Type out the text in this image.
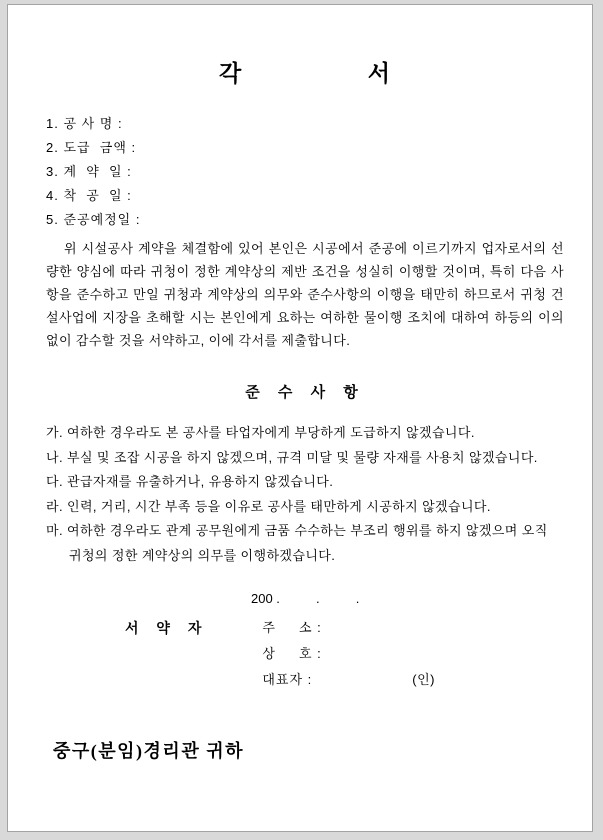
각                 서
1. 공 사 명 :
2. 도급  금액 :
3. 계  약  일 :
4. 착  공  일 :
5. 준공예정일 :
위 시설공사 계약을 체결함에 있어 본인은 시공에서 준공에 이르기까지 업자로서의 선량한 양심에 따라 귀청이 정한 계약상의 제반 조건을 성실히 이행할 것이며, 특히 다음 사항을 준수하고 만일 귀청과 계약상의 의무와 준수사항의 이행을 태만히 하므로서 귀청 건설사업에 지장을 초해할 시는 본인에게 요하는 여하한 물이행 조치에 대하여 하등의 이의없이 감수할 것을 서약하고, 이에 각서를 제출합니다.
준 수 사 항
가. 여하한 경우라도 본 공사를 타업자에게 부당하게 도급하지 않겠습니다.
나. 부실 및 조잡 시공을 하지 않겠으며, 규격 미달 및 물량 자재를 사용치 않겠습니다.
다. 관급자재를 유출하거나, 유용하지 않겠습니다.
라. 인력, 거리, 시간 부족 등을 이유로 공사를 태만하게 시공하지 않겠습니다.
마. 여하한 경우라도 관계 공무원에게 금품 수수하는 부조리 행위를 하지 않겠으며 오직 귀청의 정한 계약상의 의무를 이행하겠습니다.
200 .          .          .
서 약 자	주     소 :
상     호 :
대표자 :	(인)
중구(분임)경리관 귀하
